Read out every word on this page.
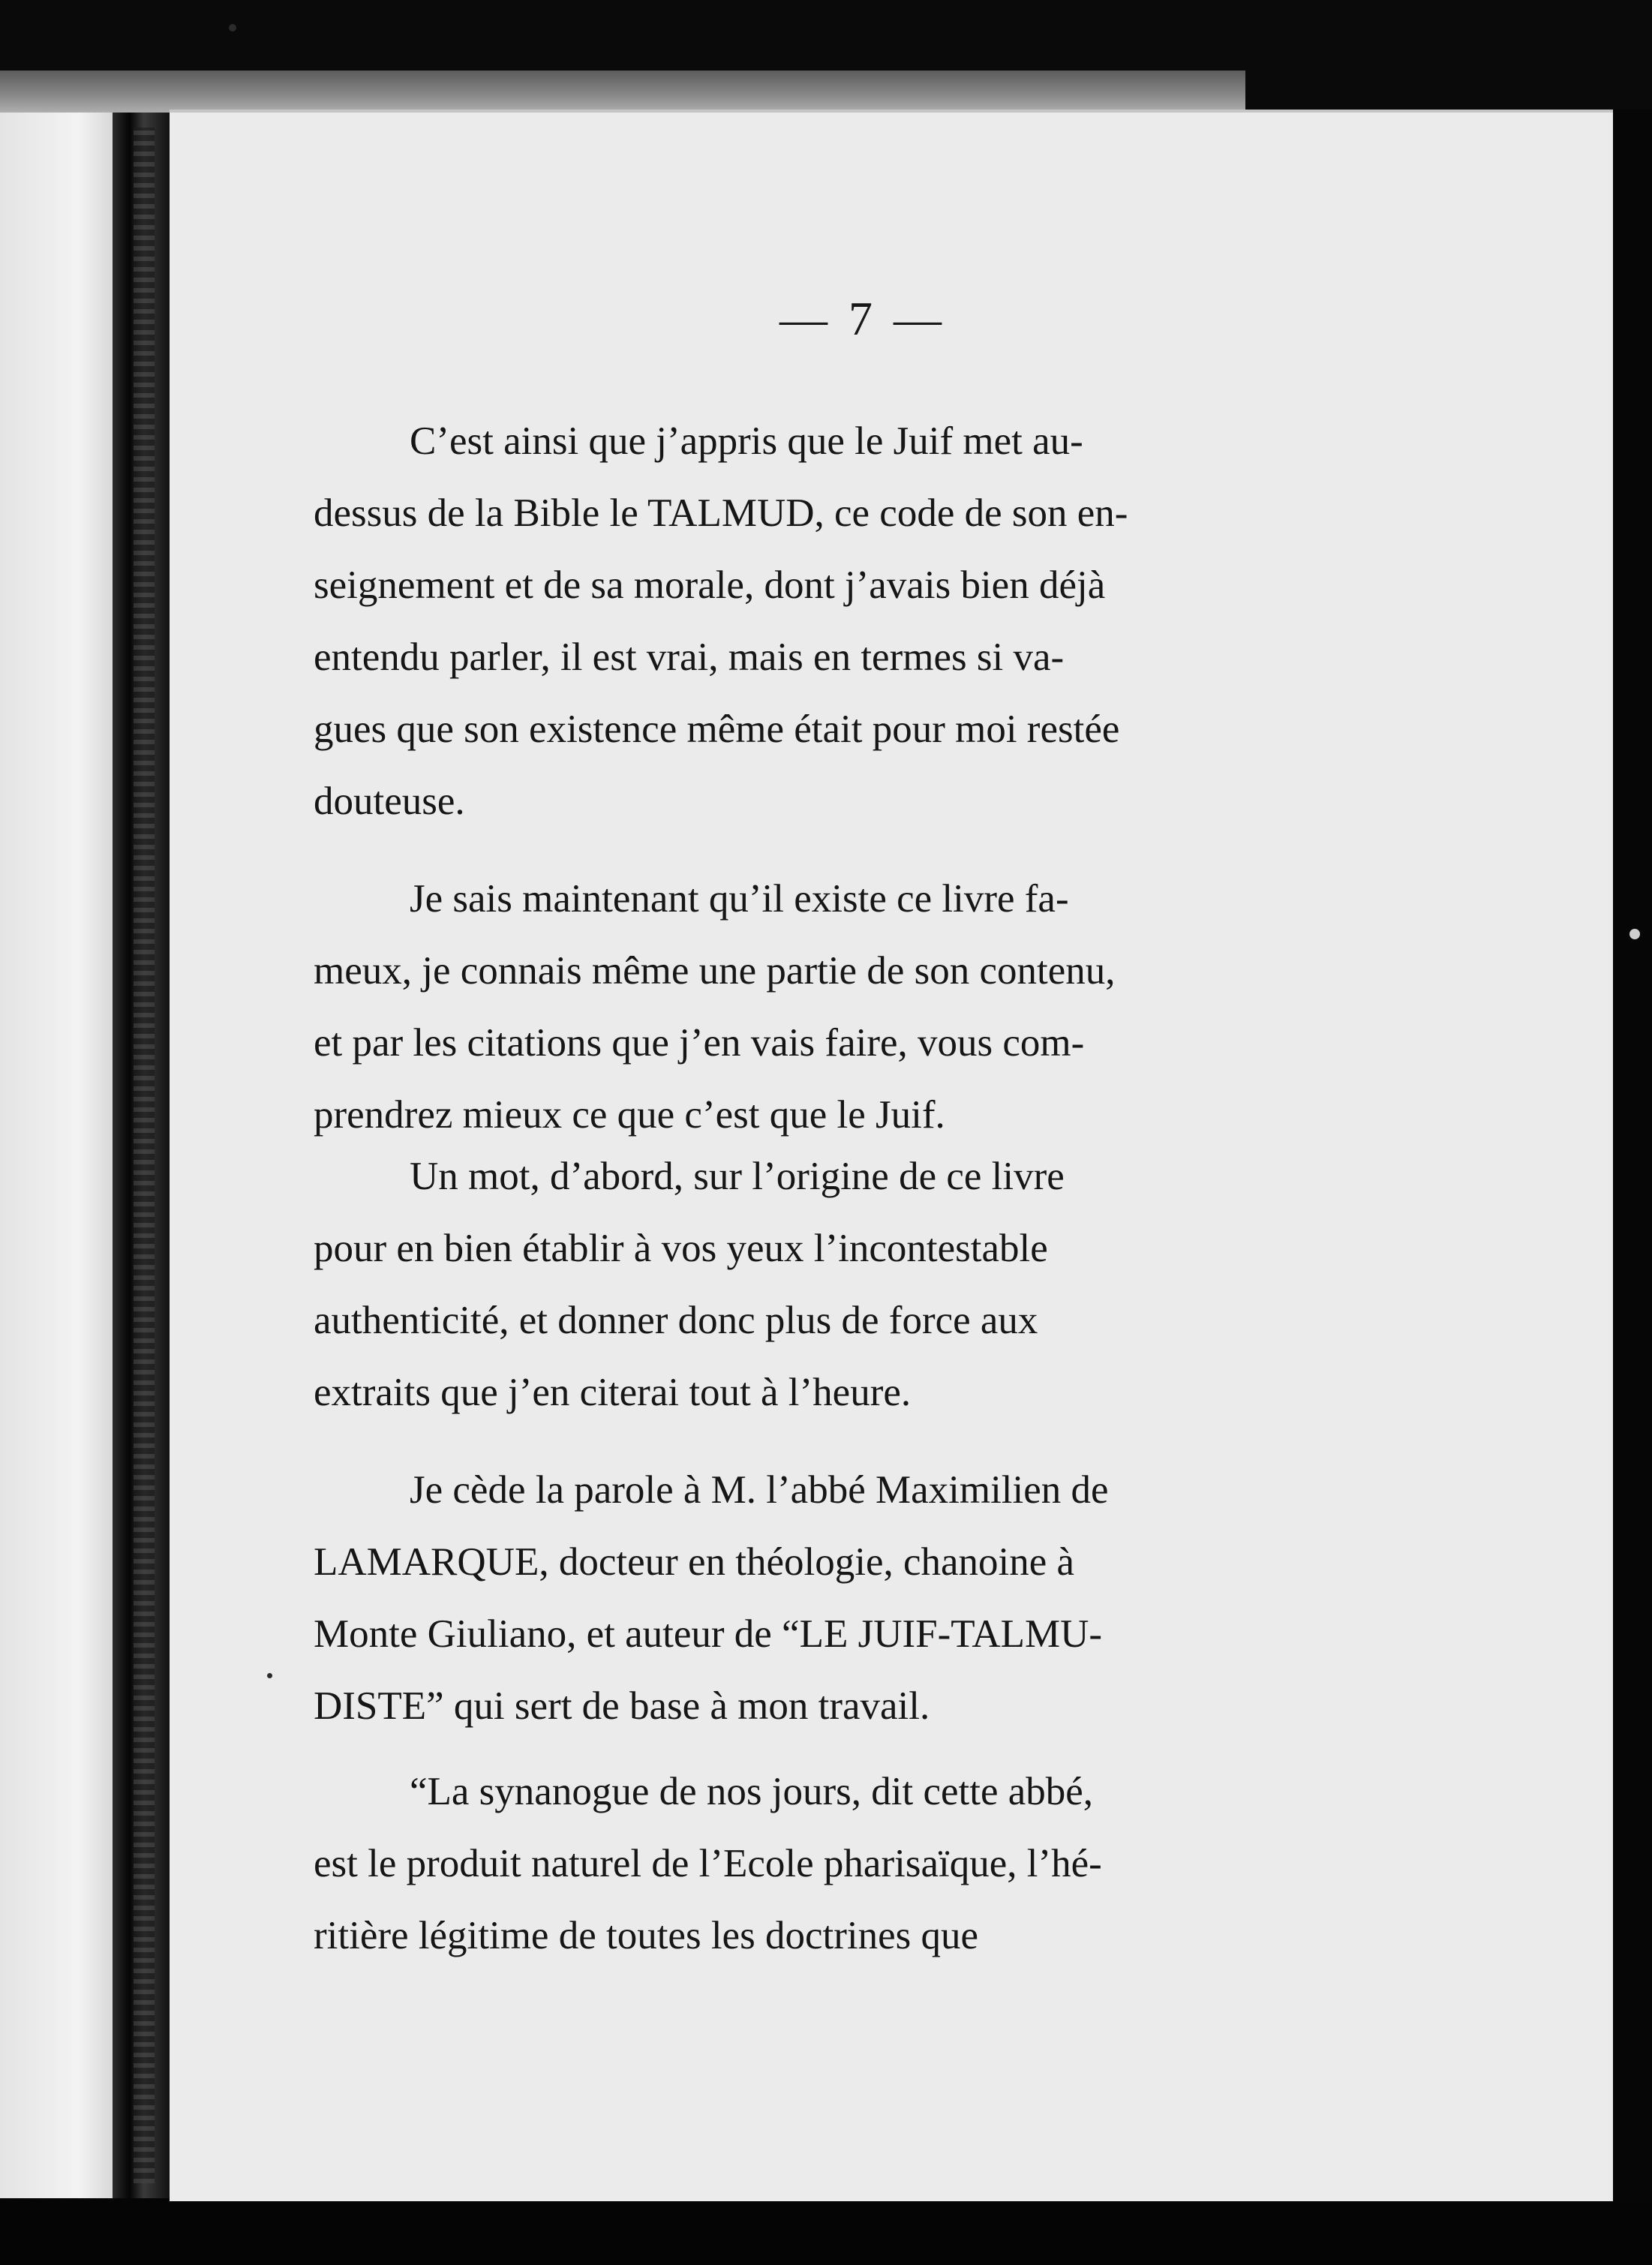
— 7 —

C’est ainsi que j’appris que le Juif met au-
dessus de la Bible le TALMUD, ce code de son en-
seignement et de sa morale, dont j’avais bien déjà
entendu parler, il est vrai, mais en termes si va-
gues que son existence même était pour moi restée
douteuse.

Je sais maintenant qu’il existe ce livre fa-
meux, je connais même une partie de son contenu,
et par les citations que j’en vais faire, vous com-
prendrez mieux ce que c’est que le Juif.

Un mot, d’abord, sur l’origine de ce livre
pour en bien établir à vos yeux l’incontestable
authenticité, et donner donc plus de force aux
extraits que j’en citerai tout à l’heure.

Je cède la parole à M. l’abbé Maximilien de
LAMARQUE, docteur en théologie, chanoine à
Monte Giuliano, et auteur de “LE JUIF-TALMU-
DISTE” qui sert de base à mon travail.

“La synanogue de nos jours, dit cette abbé,
est le produit naturel de l’Ecole pharisaïque, l’hé-
ritière légitime de toutes les doctrines que
